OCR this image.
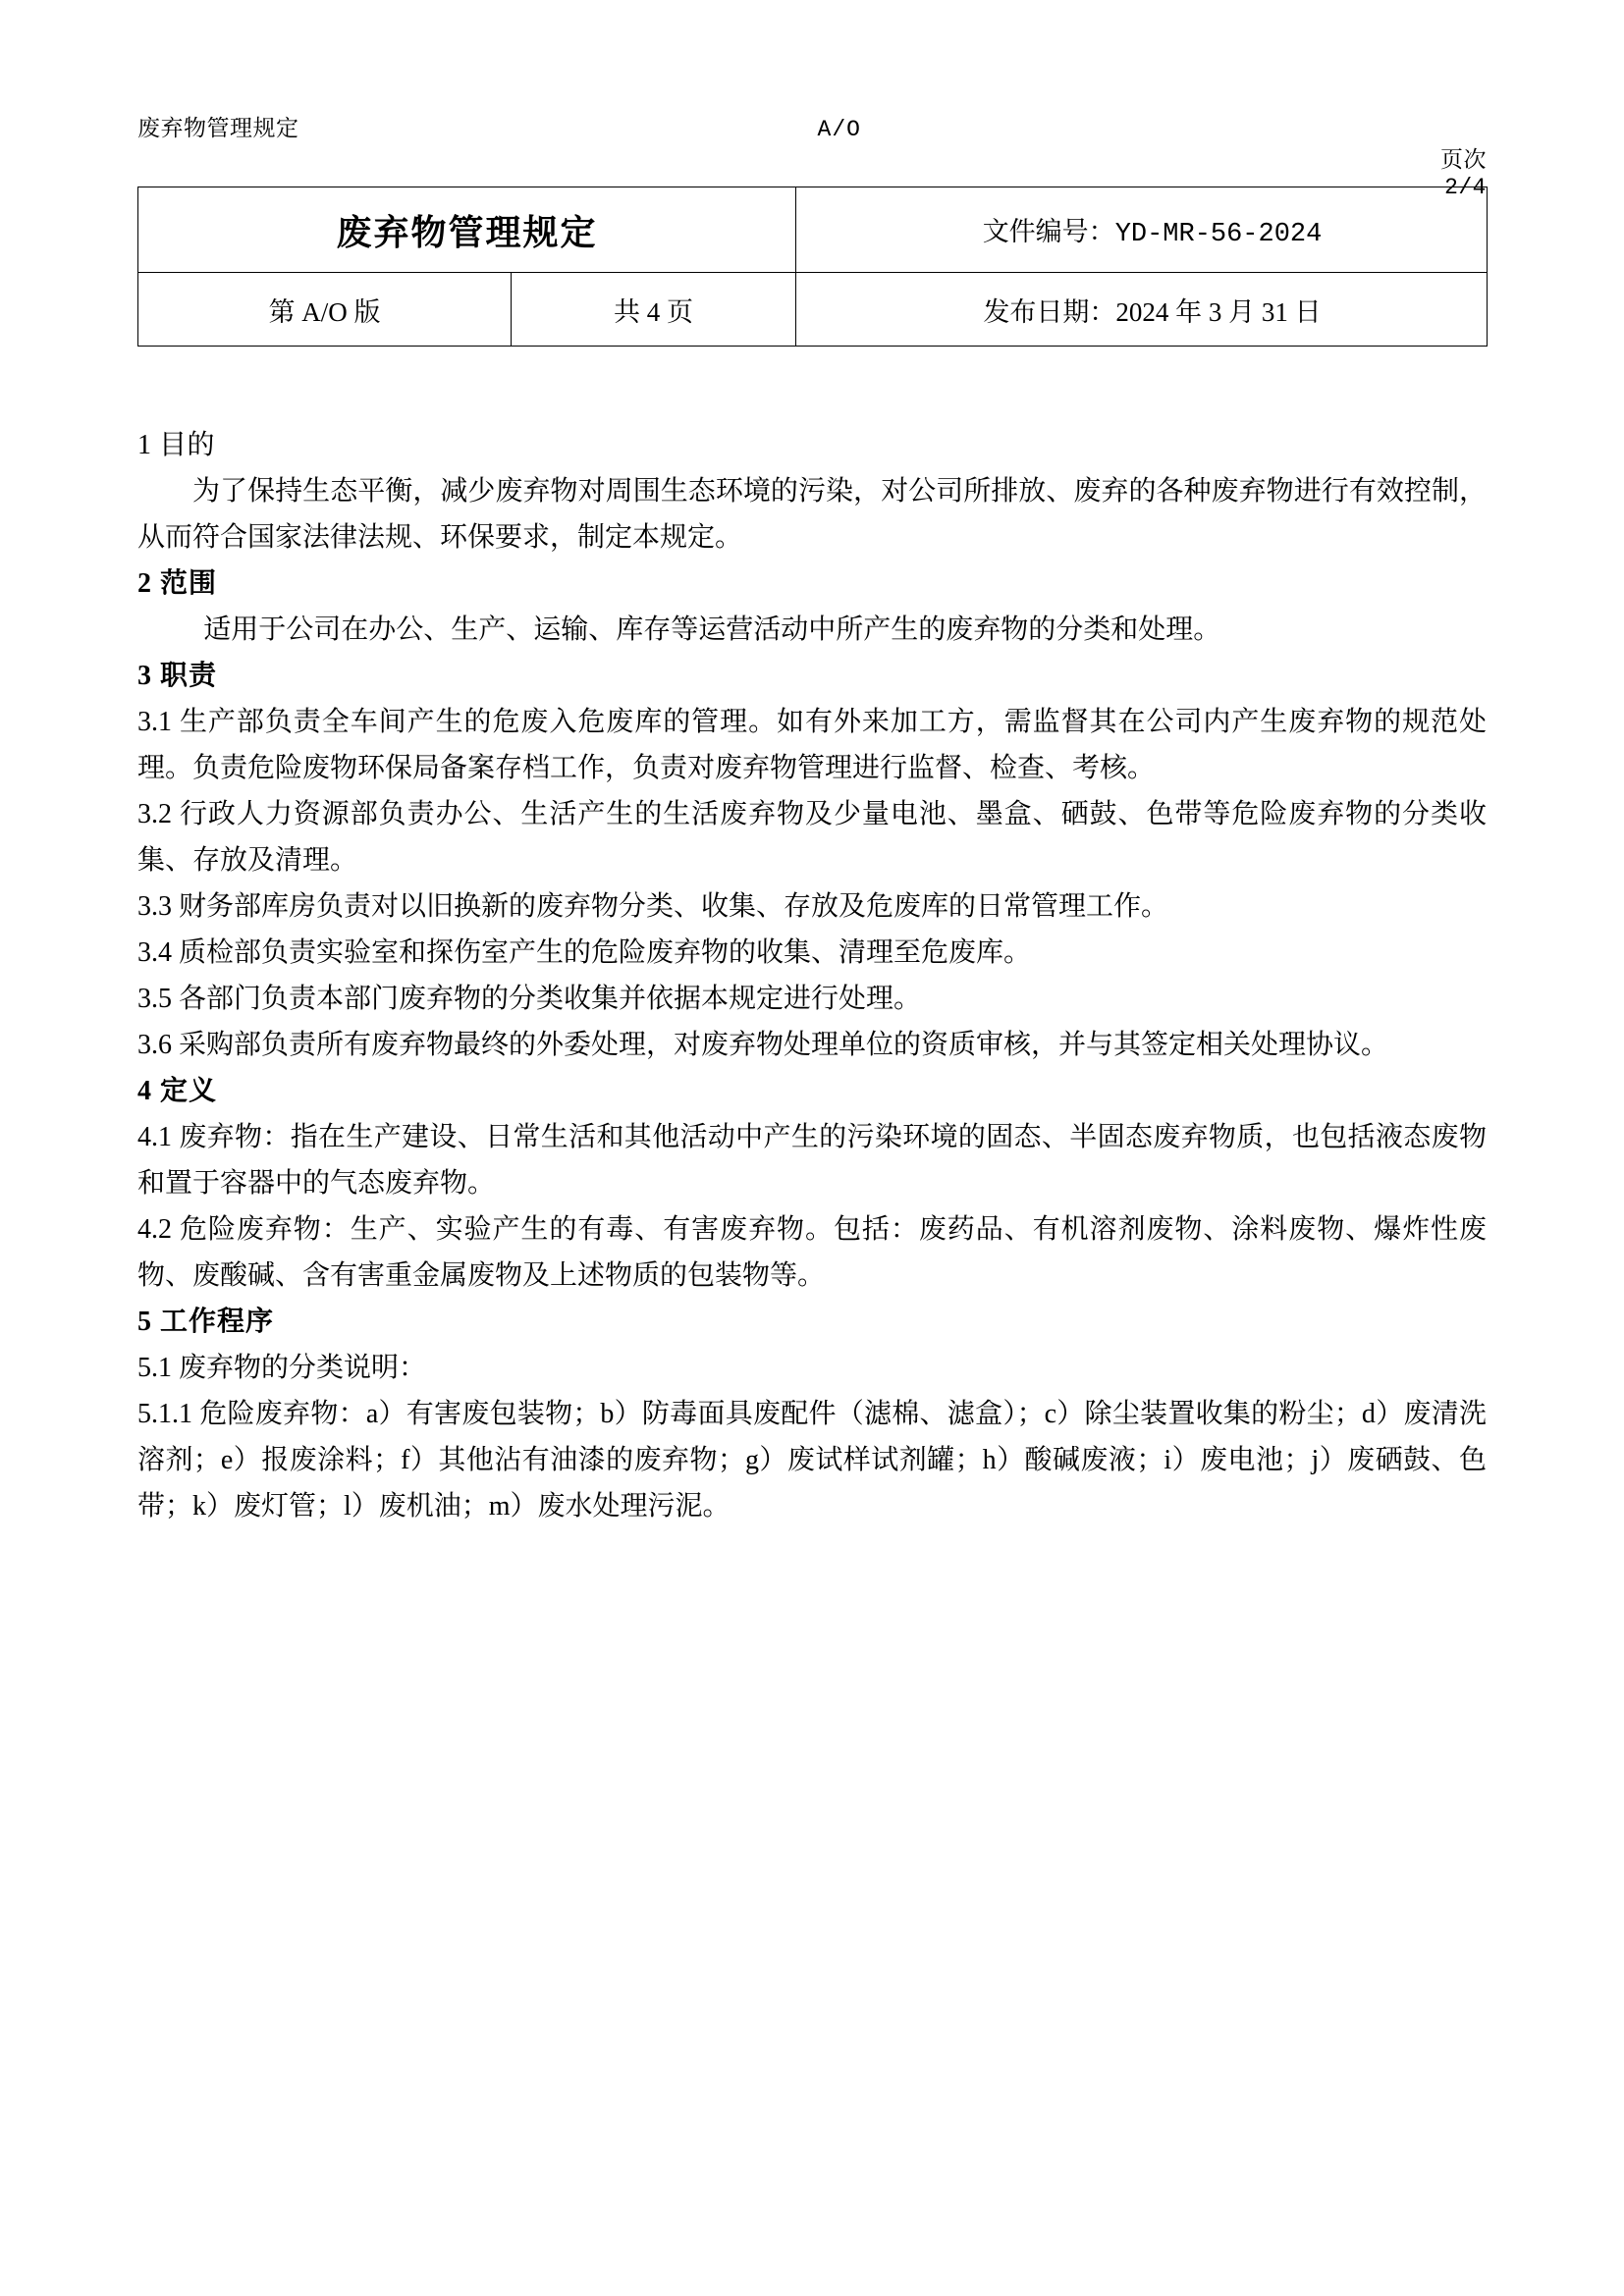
废弃物管理规定	A/O

页次
2/4

废弃物管理规定		文件编号：YD-MR-56-2024
第 A/O 版	共 4 页	发布日期：2024 年 3 月 31 日

1 目的

为了保持生态平衡，减少废弃物对周围生态环境的污染，对公司所排放、废弃的各种废弃物进行有效控制，从而符合国家法律法规、环保要求，制定本规定。

2 范围

适用于公司在办公、生产、运输、库存等运营活动中所产生的废弃物的分类和处理。

3 职责

3.1 生产部负责全车间产生的危废入危废库的管理。如有外来加工方，需监督其在公司内产生废弃物的规范处理。负责危险废物环保局备案存档工作，负责对废弃物管理进行监督、检查、考核。

3.2 行政人力资源部负责办公、生活产生的生活废弃物及少量电池、墨盒、硒鼓、色带等危险废弃物的分类收集、存放及清理。

3.3 财务部库房负责对以旧换新的废弃物分类、收集、存放及危废库的日常管理工作。

3.4 质检部负责实验室和探伤室产生的危险废弃物的收集、清理至危废库。

3.5 各部门负责本部门废弃物的分类收集并依据本规定进行处理。

3.6 采购部负责所有废弃物最终的外委处理，对废弃物处理单位的资质审核，并与其签定相关处理协议。

4 定义

4.1 废弃物：指在生产建设、日常生活和其他活动中产生的污染环境的固态、半固态废弃物质，也包括液态废物和置于容器中的气态废弃物。

4.2 危险废弃物：生产、实验产生的有毒、有害废弃物。包括：废药品、有机溶剂废物、涂料废物、爆炸性废物、废酸碱、含有害重金属废物及上述物质的包装物等。

5 工作程序

5.1 废弃物的分类说明：

5.1.1 危险废弃物：a）有害废包装物；b）防毒面具废配件（滤棉、滤盒）；c）除尘装置收集的粉尘；d）废清洗溶剂；e）报废涂料；f）其他沾有油漆的废弃物；g）废试样试剂罐；h）酸碱废液；i）废电池；j）废硒鼓、色带；k）废灯管；l）废机油；m）废水处理污泥。
